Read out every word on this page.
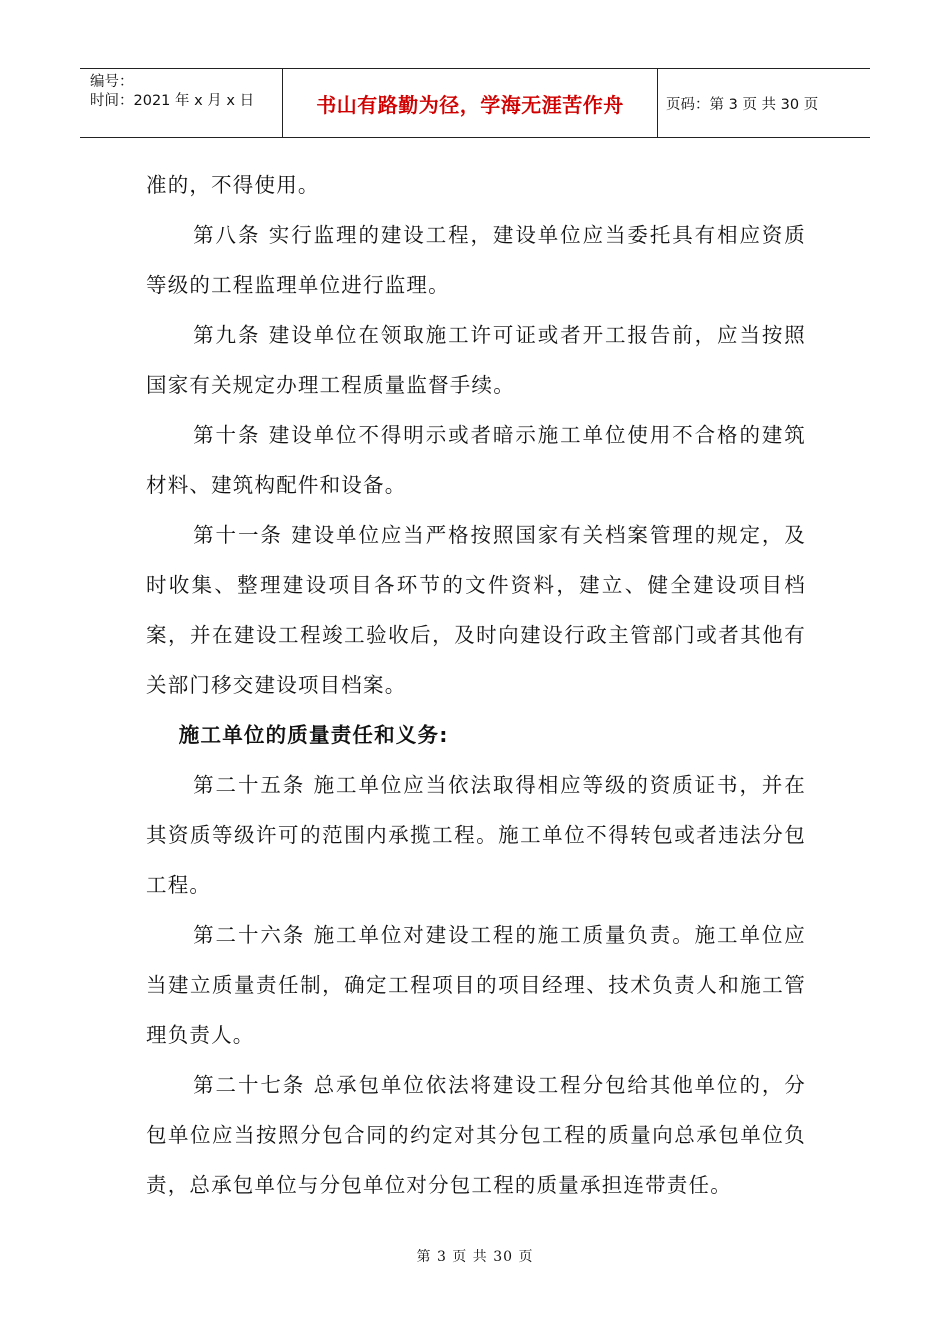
编号：
时间：2021 年 x 月 x 日	书山有路勤为径，学海无涯苦作舟	页码：第 3 页 共 30 页

准的，不得使用。

第八条 实行监理的建设工程，建设单位应当委托具有相应资质等级的工程监理单位进行监理。

第九条 建设单位在领取施工许可证或者开工报告前，应当按照国家有关规定办理工程质量监督手续。

第十条 建设单位不得明示或者暗示施工单位使用不合格的建筑材料、建筑构配件和设备。

第十一条 建设单位应当严格按照国家有关档案管理的规定，及时收集、整理建设项目各环节的文件资料，建立、健全建设项目档案，并在建设工程竣工验收后，及时向建设行政主管部门或者其他有关部门移交建设项目档案。

施工单位的质量责任和义务:

第二十五条 施工单位应当依法取得相应等级的资质证书，并在其资质等级许可的范围内承揽工程。施工单位不得转包或者违法分包工程。

第二十六条 施工单位对建设工程的施工质量负责。施工单位应当建立质量责任制，确定工程项目的项目经理、技术负责人和施工管理负责人。

第二十七条 总承包单位依法将建设工程分包给其他单位的，分包单位应当按照分包合同的约定对其分包工程的质量向总承包单位负责，总承包单位与分包单位对分包工程的质量承担连带责任。

第 3 页 共 30 页
